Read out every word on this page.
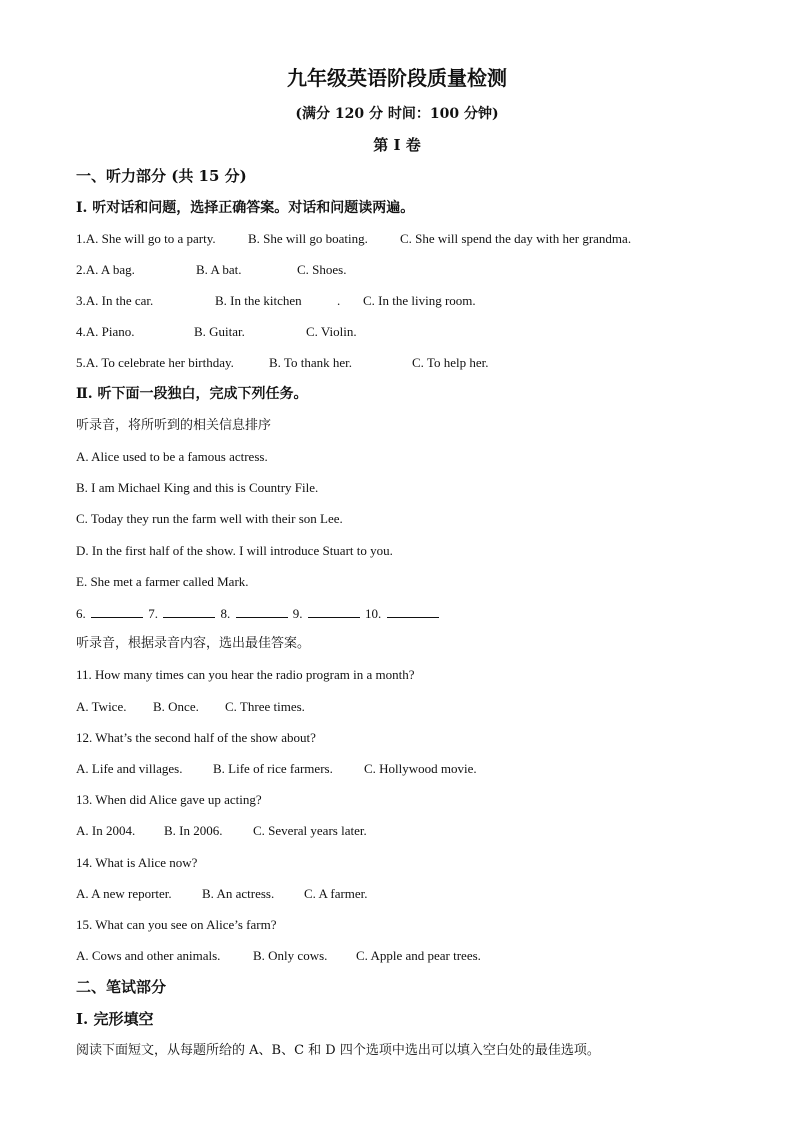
九年级英语阶段质量检测
(满分 120 分 时间：100 分钟)
第 I 卷
一、听力部分 (共 15 分)
I. 听对话和问题，选择正确答案。对话和问题读两遍。
1.A. She will go to a party. B. She will go boating. C. She will spend the day with her grandma.
2.A. A bag.	B. A bat.	C. Shoes.
3.A. In the car.	B. In the kitchen	. C. In the living room.
4.A. Piano.	B. Guitar.	C. Violin.
5.A. To celebrate her birthday.	B. To thank her.	C. To help her.
Ⅱ. 听下面一段独白，完成下列任务。
听录音，将所听到的相关信息排序
A. Alice used to be a famous actress.
B. I am Michael King and this is Country File.
C. Today they run the farm well with their son Lee.
D. In the first half of the show. I will introduce Stuart to you.
E. She met a farmer called Mark.
6.	7.	8.	9.	10.
听录音，根据录音内容，选出最佳答案。
11. How many times can you hear the radio program in a month?
A. Twice. B. Once. C. Three times.
12. What’s the second half of the show about?
A. Life and villages. B. Life of rice farmers. C. Hollywood movie.
13. When did Alice gave up acting?
A. In 2004. B. In 2006. C. Several years later.
14. What is Alice now?
A. A new reporter. B. An actress. C. A farmer.
15. What can you see on Alice’s farm?
A. Cows and other animals.	B. Only cows. C. Apple and pear trees.
二、笔试部分
I. 完形填空
阅读下面短文，从每题所给的 A、B、C 和 D 四个选项中选出可以填入空白处的最佳选项。
